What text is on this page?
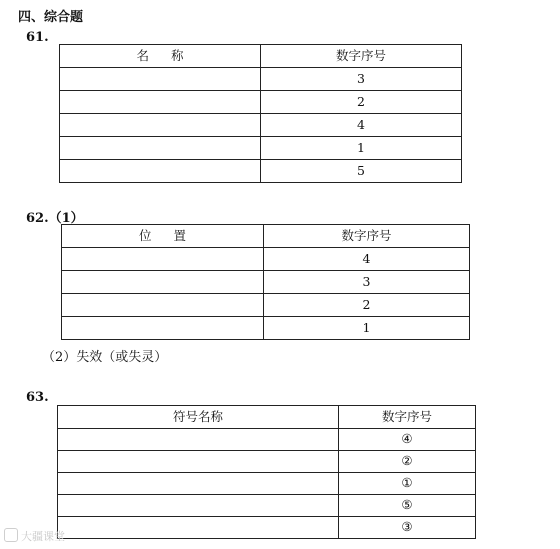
四、综合题
61.
名称	数字序号
	3
	2
	4
	1
	5
62.（1）
位置	数字序号
	4
	3
	2
	1
（2）失效（或失灵）
63.
符号名称	数字序号
	④
	②
	①
	⑤
	③
大疆课堂
